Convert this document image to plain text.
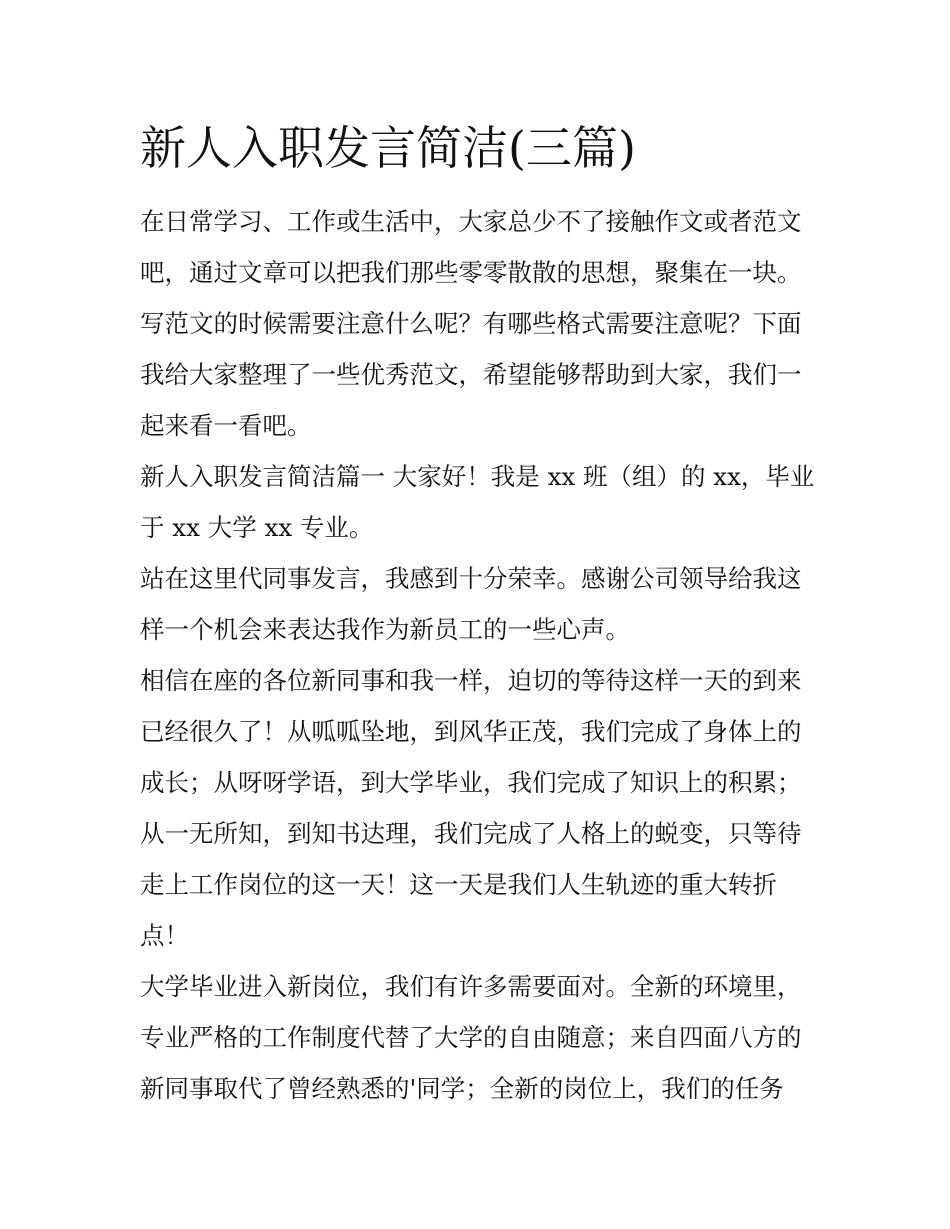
新人入职发言简洁(三篇)

在日常学习、工作或生活中，大家总少不了接触作文或者范文

吧，通过文章可以把我们那些零零散散的思想，聚集在一块。

写范文的时候需要注意什么呢？有哪些格式需要注意呢？下面

我给大家整理了一些优秀范文，希望能够帮助到大家，我们一

起来看一看吧。

新人入职发言简洁篇一 大家好！我是 xx 班（组）的 xx，毕业

于 xx 大学 xx 专业。

站在这里代同事发言，我感到十分荣幸。感谢公司领导给我这

样一个机会来表达我作为新员工的一些心声。

相信在座的各位新同事和我一样，迫切的等待这样一天的到来

已经很久了！从呱呱坠地，到风华正茂，我们完成了身体上的

成长；从呀呀学语，到大学毕业，我们完成了知识上的积累；

从一无所知，到知书达理，我们完成了人格上的蜕变，只等待

走上工作岗位的这一天！这一天是我们人生轨迹的重大转折

点！

大学毕业进入新岗位，我们有许多需要面对。全新的环境里，

专业严格的工作制度代替了大学的自由随意；来自四面八方的

新同事取代了曾经熟悉的'同学；全新的岗位上，我们的任务
